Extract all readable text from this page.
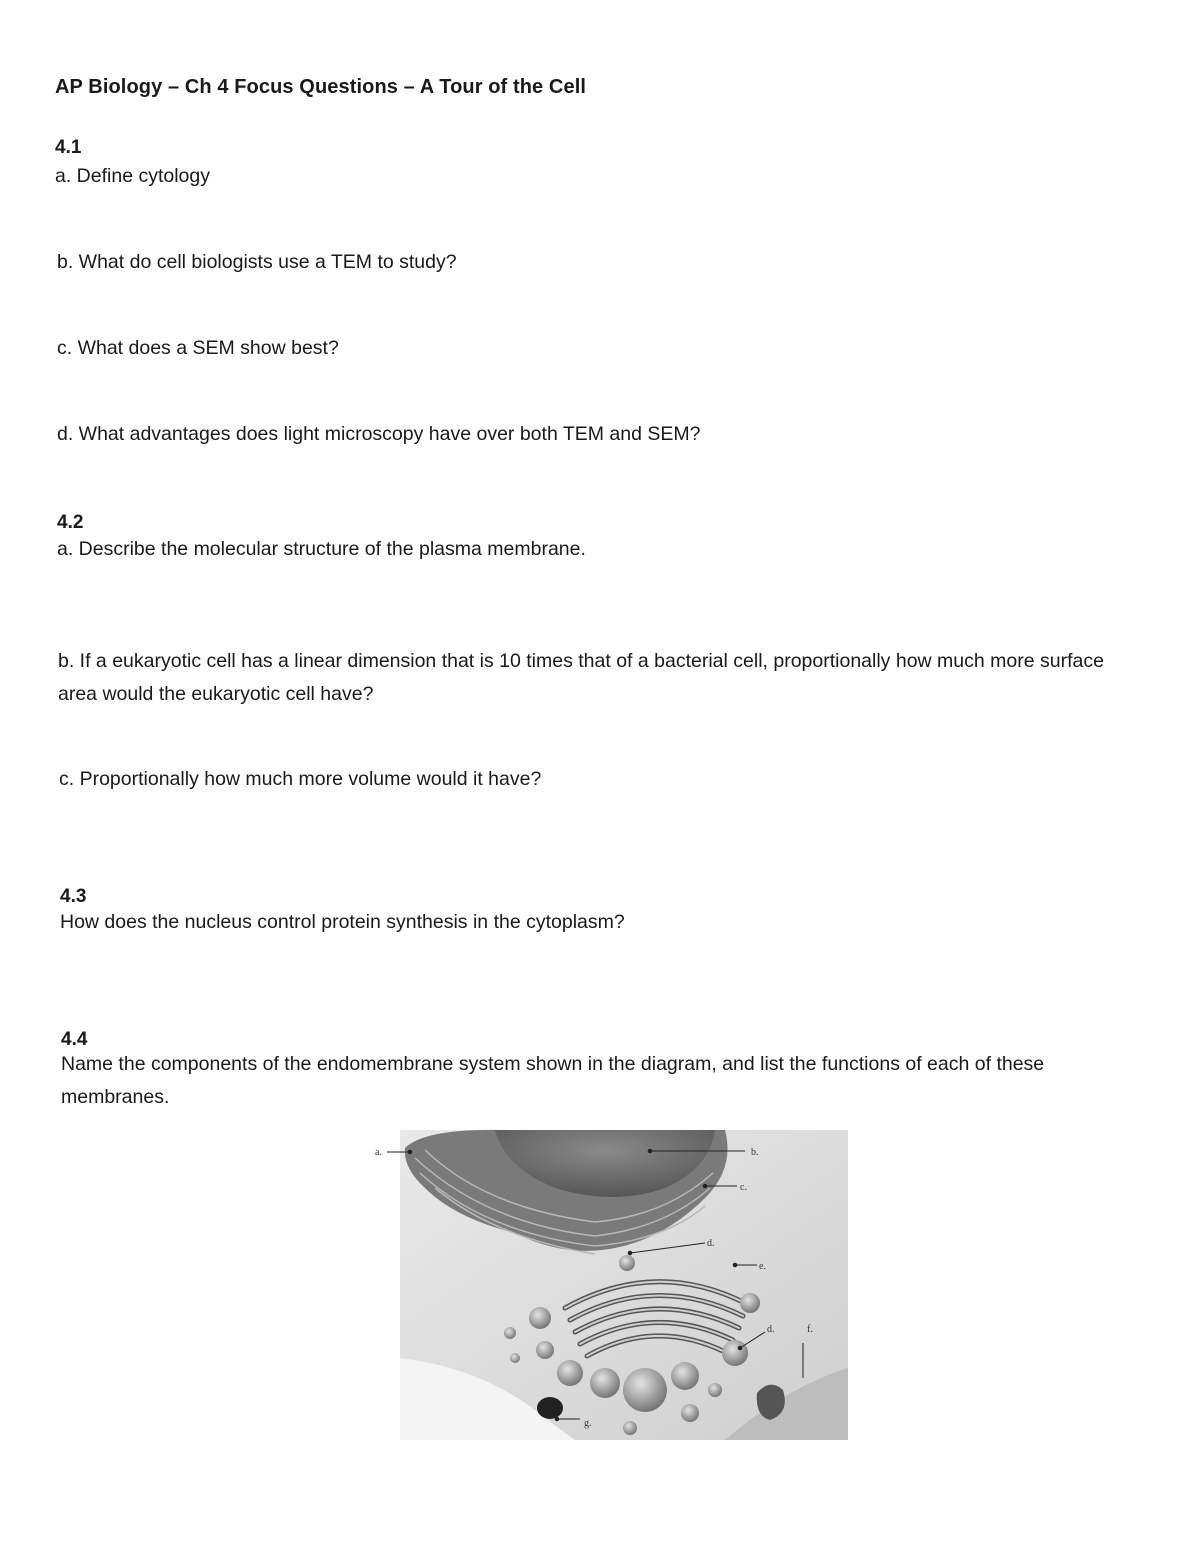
AP Biology – Ch 4 Focus Questions – A Tour of the Cell
4.1
a. Define cytology
b. What do cell biologists use a TEM to study?
c. What does a SEM show best?
d. What advantages does light microscopy have over both TEM and SEM?
4.2
a. Describe the molecular structure of the plasma membrane.
b. If a eukaryotic cell has a linear dimension that is 10 times that of a bacterial cell, proportionally how much more surface area would the eukaryotic cell have?
c. Proportionally how much more volume would it have?
4.3
How does the nucleus control protein synthesis in the cytoplasm?
4.4
Name the components of the endomembrane system shown in the diagram, and list the functions of each of these membranes.
a.	b.
c.
d.
e.
d.	f.
g.
